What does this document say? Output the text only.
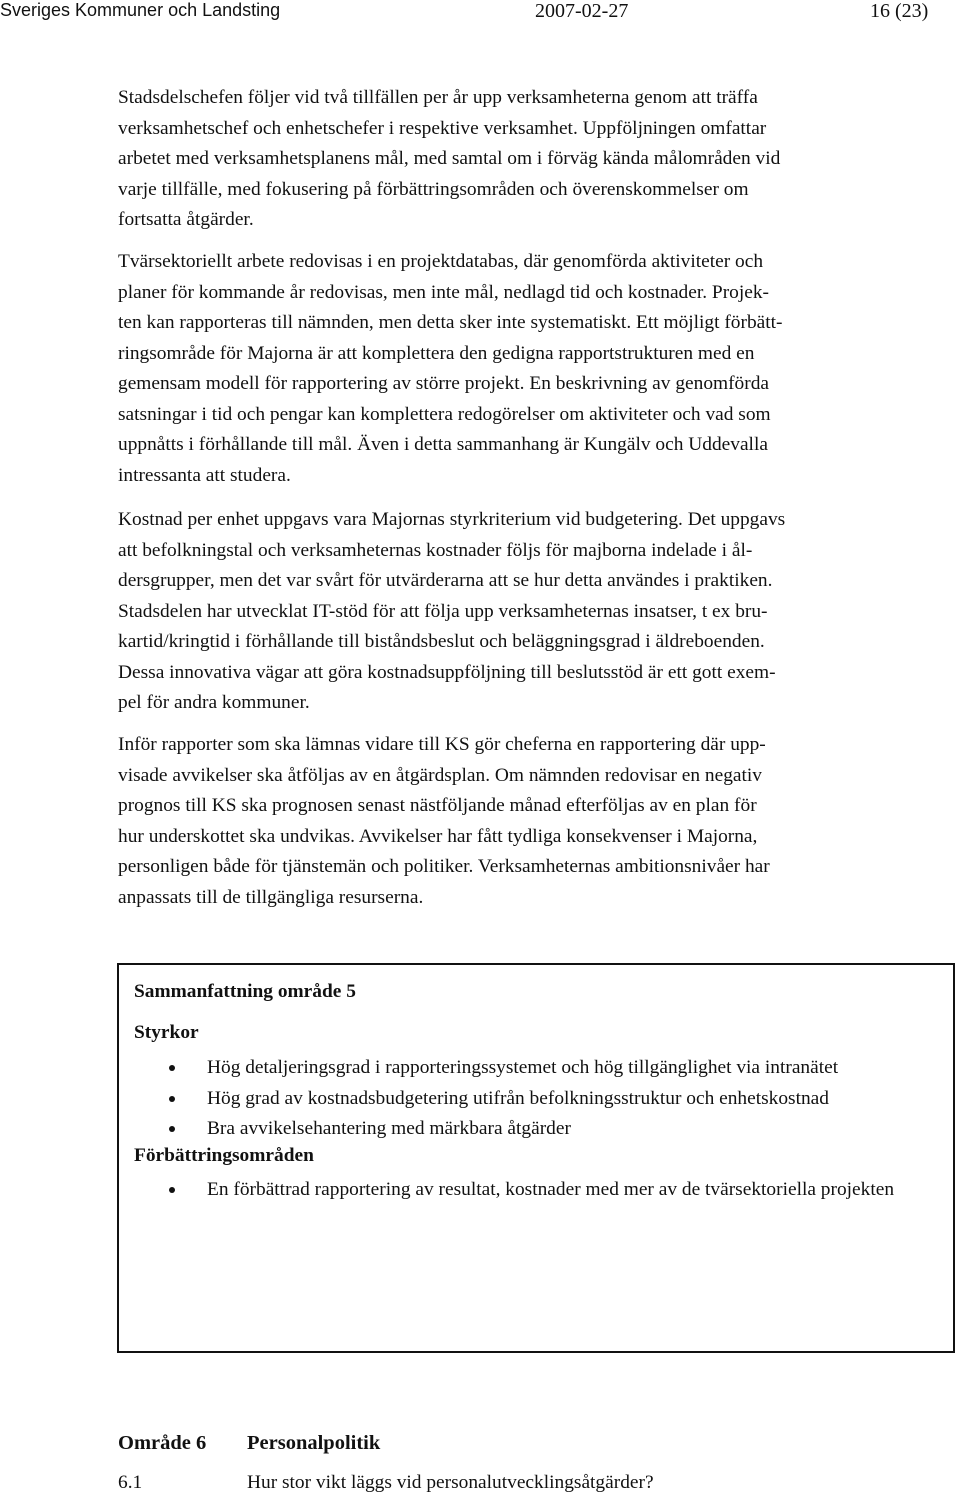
Sveriges Kommuner och Landsting	2007-02-27	16 (23)

Stadsdelschefen följer vid två tillfällen per år upp verksamheterna genom att träffa
verksamhetschef och enhetschefer i respektive verksamhet. Uppföljningen omfattar
arbetet med verksamhetsplanens mål, med samtal om i förväg kända målområden vid
varje tillfälle, med fokusering på förbättringsområden och överenskommelser om
fortsatta åtgärder.

Tvärsektoriellt arbete redovisas i en projektdatabas, där genomförda aktiviteter och
planer för kommande år redovisas, men inte mål, nedlagd tid och kostnader. Projek-
ten kan rapporteras till nämnden, men detta sker inte systematiskt. Ett möjligt förbätt-
ringsområde för Majorna är att komplettera den gedigna rapportstrukturen med en
gemensam modell för rapportering av större projekt. En beskrivning av genomförda
satsningar i tid och pengar kan komplettera redogörelser om aktiviteter och vad som
uppnåtts i förhållande till mål. Även i detta sammanhang är Kungälv och Uddevalla
intressanta att studera.

Kostnad per enhet uppgavs vara Majornas styrkriterium vid budgetering. Det uppgavs
att befolkningstal och verksamheternas kostnader följs för majborna indelade i ål-
dersgrupper, men det var svårt för utvärderarna att se hur detta användes i praktiken.
Stadsdelen har utvecklat IT-stöd för att följa upp verksamheternas insatser, t ex bru-
kartid/kringtid i förhållande till biståndsbeslut och beläggningsgrad i äldreboenden.
Dessa innovativa vägar att göra kostnadsuppföljning till beslutsstöd är ett gott exem-
pel för andra kommuner.

Inför rapporter som ska lämnas vidare till KS gör cheferna en rapportering där upp-
visade avvikelser ska åtföljas av en åtgärdsplan. Om nämnden redovisar en negativ
prognos till KS ska prognosen senast nästföljande månad efterföljas av en plan för
hur underskottet ska undvikas. Avvikelser har fått tydliga konsekvenser i Majorna,
personligen både för tjänstemän och politiker. Verksamheternas ambitionsnivåer har
anpassats till de tillgängliga resurserna.

Sammanfattning område 5
Styrkor
Hög detaljeringsgrad i rapporteringssystemet och hög tillgänglighet via intranätet
Hög grad av kostnadsbudgetering utifrån befolkningsstruktur och enhetskostnad
Bra avvikelsehantering med märkbara åtgärder
Förbättringsområden
En förbättrad rapportering av resultat, kostnader med mer av de tvärsektoriella projekten
Område 6 Personalpolitik
6.1	Hur stor vikt läggs vid personalutvecklingsåtgärder?
